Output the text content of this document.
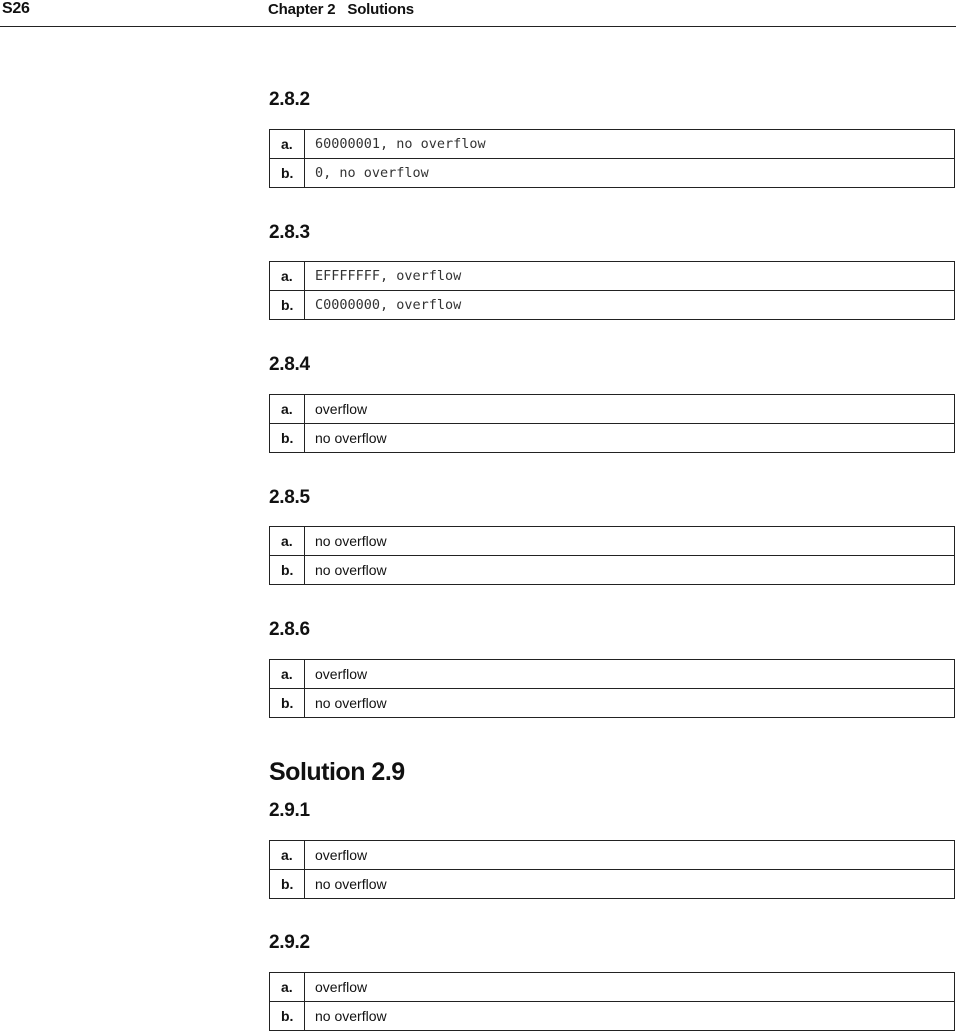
S26	Chapter 2 Solutions
2.8.2
a.	60000001, no overflow
b.	0, no overflow
2.8.3
a.	EFFFFFFF, overflow
b.	C0000000, overflow
2.8.4
a.	overflow
b.	no overflow
2.8.5
a.	no overflow
b.	no overflow
2.8.6
a.	overflow
b.	no overflow
Solution 2.9
2.9.1
a.	overflow
b.	no overflow
2.9.2
a.	overflow
b.	no overflow
